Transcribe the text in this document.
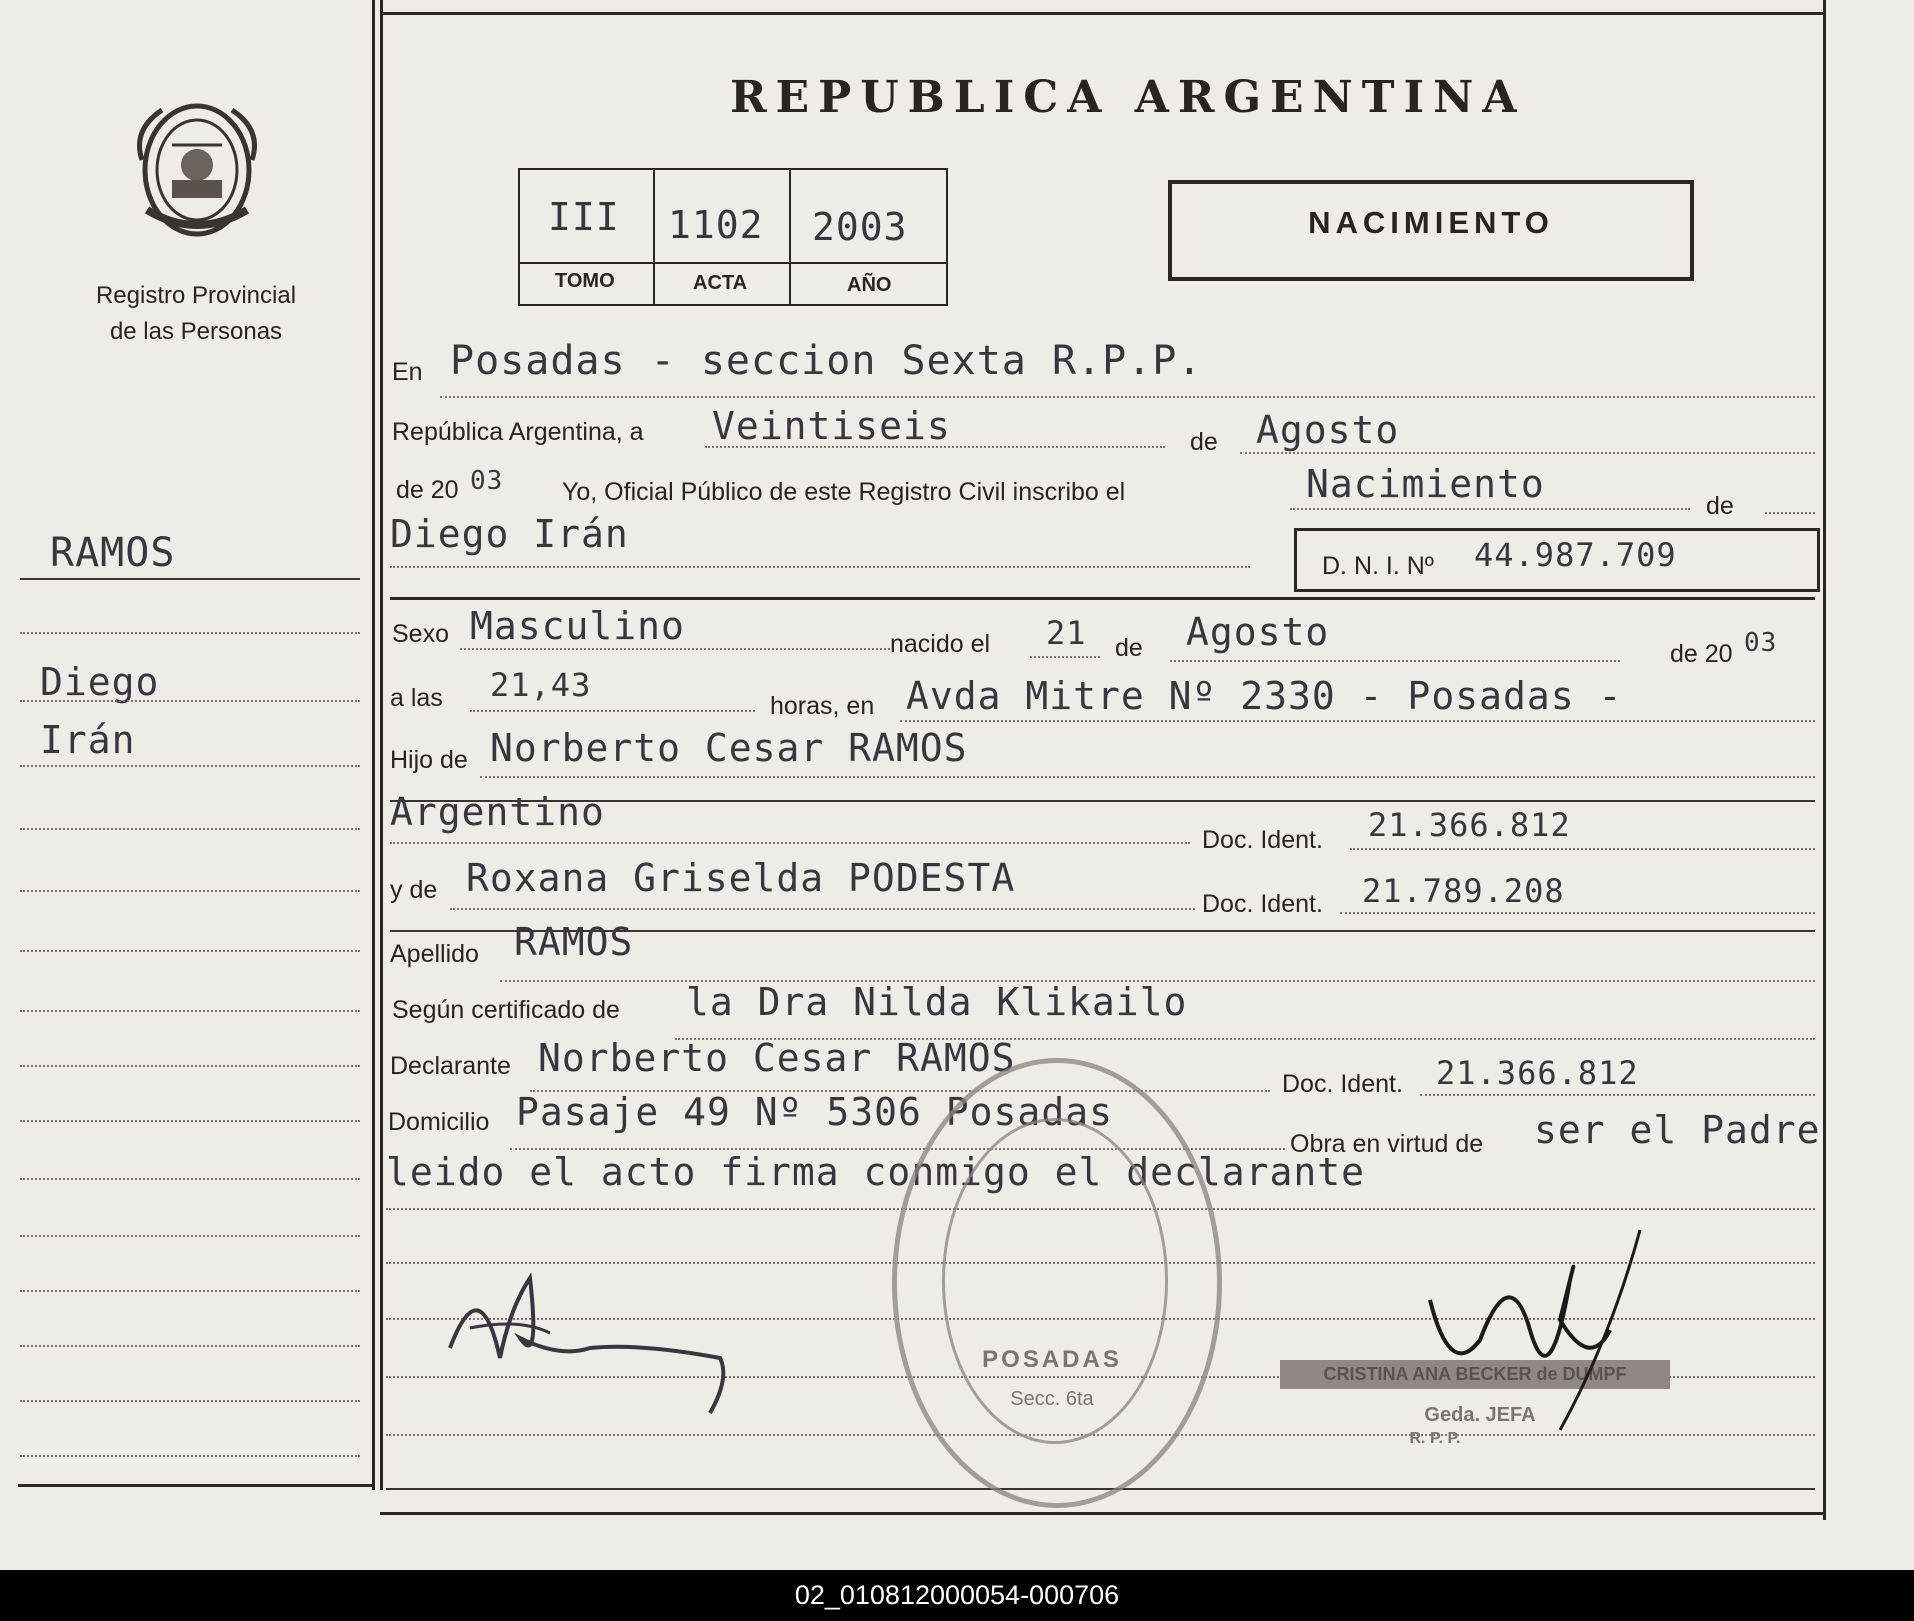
Registro Provincial
de las Personas
REPUBLICA ARGENTINA
III 1102 2003
TOMO	ACTA	AÑO
NACIMIENTO
RAMOS
Diego
Irán
En Posadas - seccion Sexta R.P.P.
República Argentina, a Veintiseis	de Agosto
de 20 03 Yo, Oficial Público de este Registro Civil inscribo el	Nacimiento	de
Diego Irán
D. N. I. Nº 44.987.709
Sexo Masculino	nacido el 21 de Agosto	de 20 03
a las 21,43
horas, en Avda Mitre Nº 2330 - Posadas -
Hijo de Norberto Cesar RAMOS
Argentino
Doc. Ident. 21.366.812
y de Roxana Griselda PODESTA
Doc. Ident. 21.789.208
Apellido RAMOS
Según certificado de la Dra Nilda Klikailo
Declarante Norberto Cesar RAMOS
Doc. Ident. 21.366.812
Domicilio Pasaje 49 Nº 5306 Posadas
Obra en virtud de ser el Padre
leido el acto firma conmigo el declarante
POSADAS
Secc. 6ta
CRISTINA ANA BECKER de DUMPF
Geda. JEFA
R. P. P.
02_010812000054-000706
